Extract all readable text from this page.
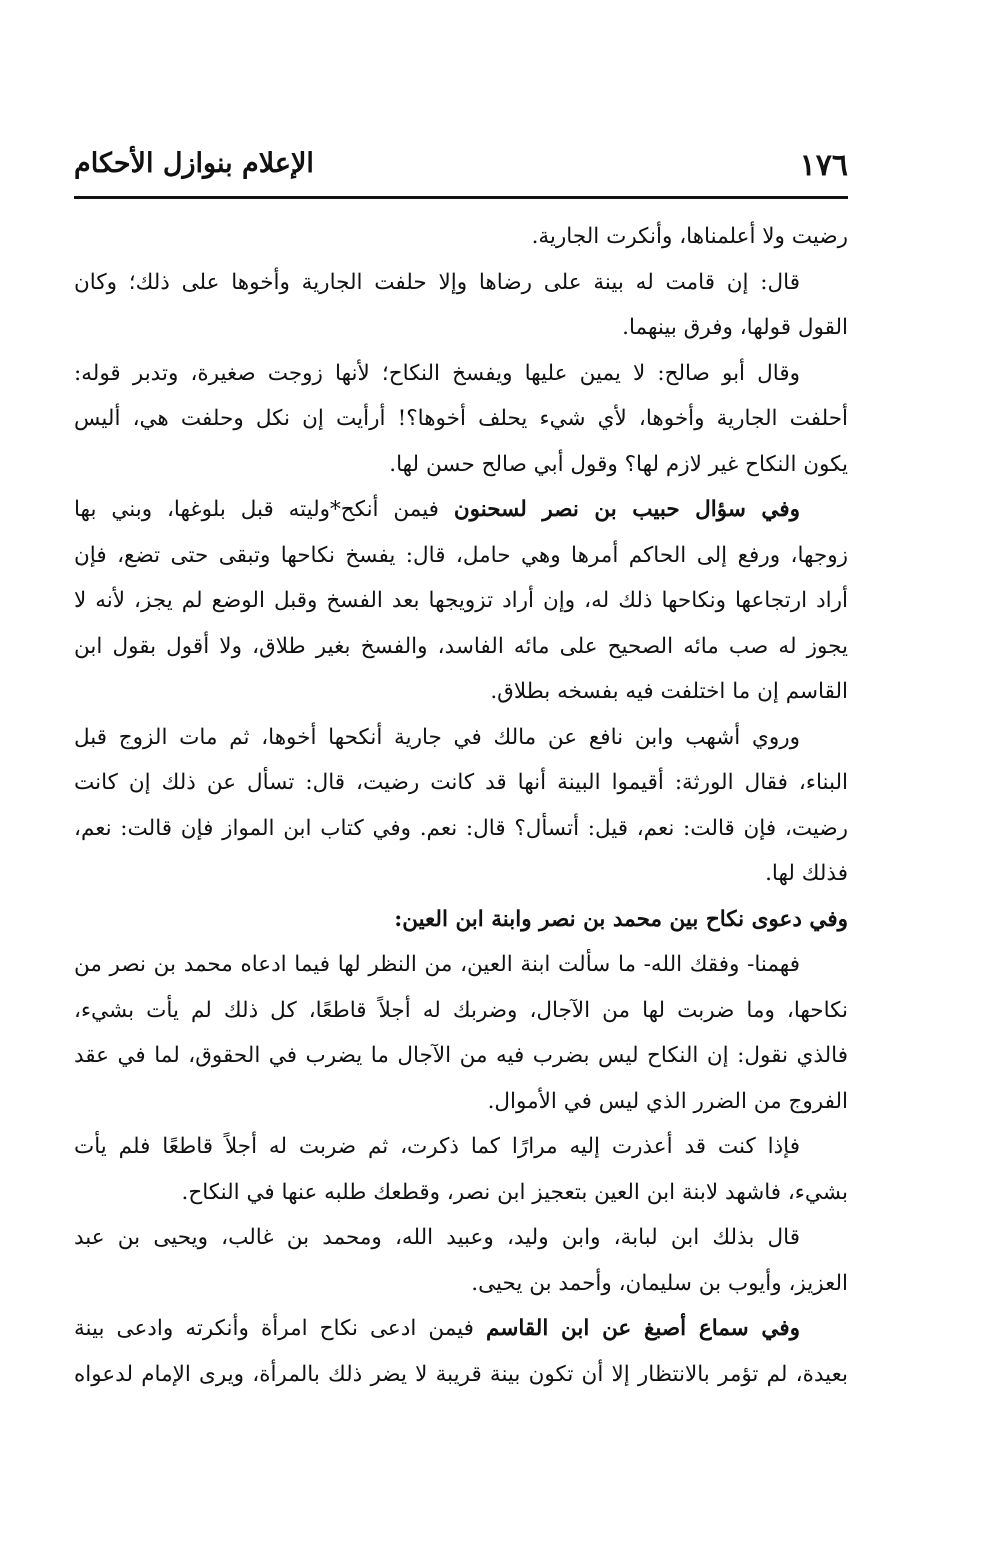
١٧٦
الإعلام بنوازل الأحكام
رضيت ولا أعلمناها، وأنكرت الجارية.
قال: إن قامت له بينة على رضاها وإلا حلفت الجارية وأخوها على ذلك؛ وكان
القول قولها، وفرق بينهما.
وقال أبو صالح: لا يمين عليها ويفسخ النكاح؛ لأنها زوجت صغيرة، وتدبر قوله:
أحلفت الجارية وأخوها، لأي شيء يحلف أخوها؟! أرأيت إن نكل وحلفت هي، أليس
يكون النكاح غير لازم لها؟ وقول أبي صالح حسن لها.
وفي سؤال حبيب بن نصر لسحنون فيمن أنكح*وليته قبل بلوغها، وبني بها
زوجها، ورفع إلى الحاكم أمرها وهي حامل، قال: يفسخ نكاحها وتبقى حتى تضع، فإن
أراد ارتجاعها ونكاحها ذلك له، وإن أراد تزويجها بعد الفسخ وقبل الوضع لم يجز، لأنه لا
يجوز له صب مائه الصحيح على مائه الفاسد، والفسخ بغير طلاق، ولا أقول بقول ابن
القاسم إن ما اختلفت فيه بفسخه بطلاق.
وروي أشهب وابن نافع عن مالك في جارية أنكحها أخوها، ثم مات الزوج قبل
البناء، فقال الورثة: أقيموا البينة أنها قد كانت رضيت، قال: تسأل عن ذلك إن كانت
رضيت، فإن قالت: نعم، قيل: أتسأل؟ قال: نعم. وفي كتاب ابن المواز فإن قالت: نعم،
فذلك لها.
وفي دعوى نكاح بين محمد بن نصر وابنة ابن العين:
فهمنا- وفقك الله- ما سألت ابنة العين، من النظر لها فيما ادعاه محمد بن نصر من
نكاحها، وما ضربت لها من الآجال، وضربك له أجلاً قاطعًا، كل ذلك لم يأت بشيء،
فالذي نقول: إن النكاح ليس بضرب فيه من الآجال ما يضرب في الحقوق، لما في عقد
الفروج من الضرر الذي ليس في الأموال.
فإذا كنت قد أعذرت إليه مرارًا كما ذكرت، ثم ضربت له أجلاً قاطعًا فلم يأت
بشيء، فاشهد لابنة ابن العين بتعجيز ابن نصر، وقطعك طلبه عنها في النكاح.
قال بذلك ابن لبابة، وابن وليد، وعبيد الله، ومحمد بن غالب، ويحيى بن عبد
العزيز، وأيوب بن سليمان، وأحمد بن يحيى.
وفي سماع أصبغ عن ابن القاسم فيمن ادعى نكاح امرأة وأنكرته وادعى بينة
بعيدة، لم تؤمر بالانتظار إلا أن تكون بينة قريبة لا يضر ذلك بالمرأة، ويرى الإمام لدعواه
